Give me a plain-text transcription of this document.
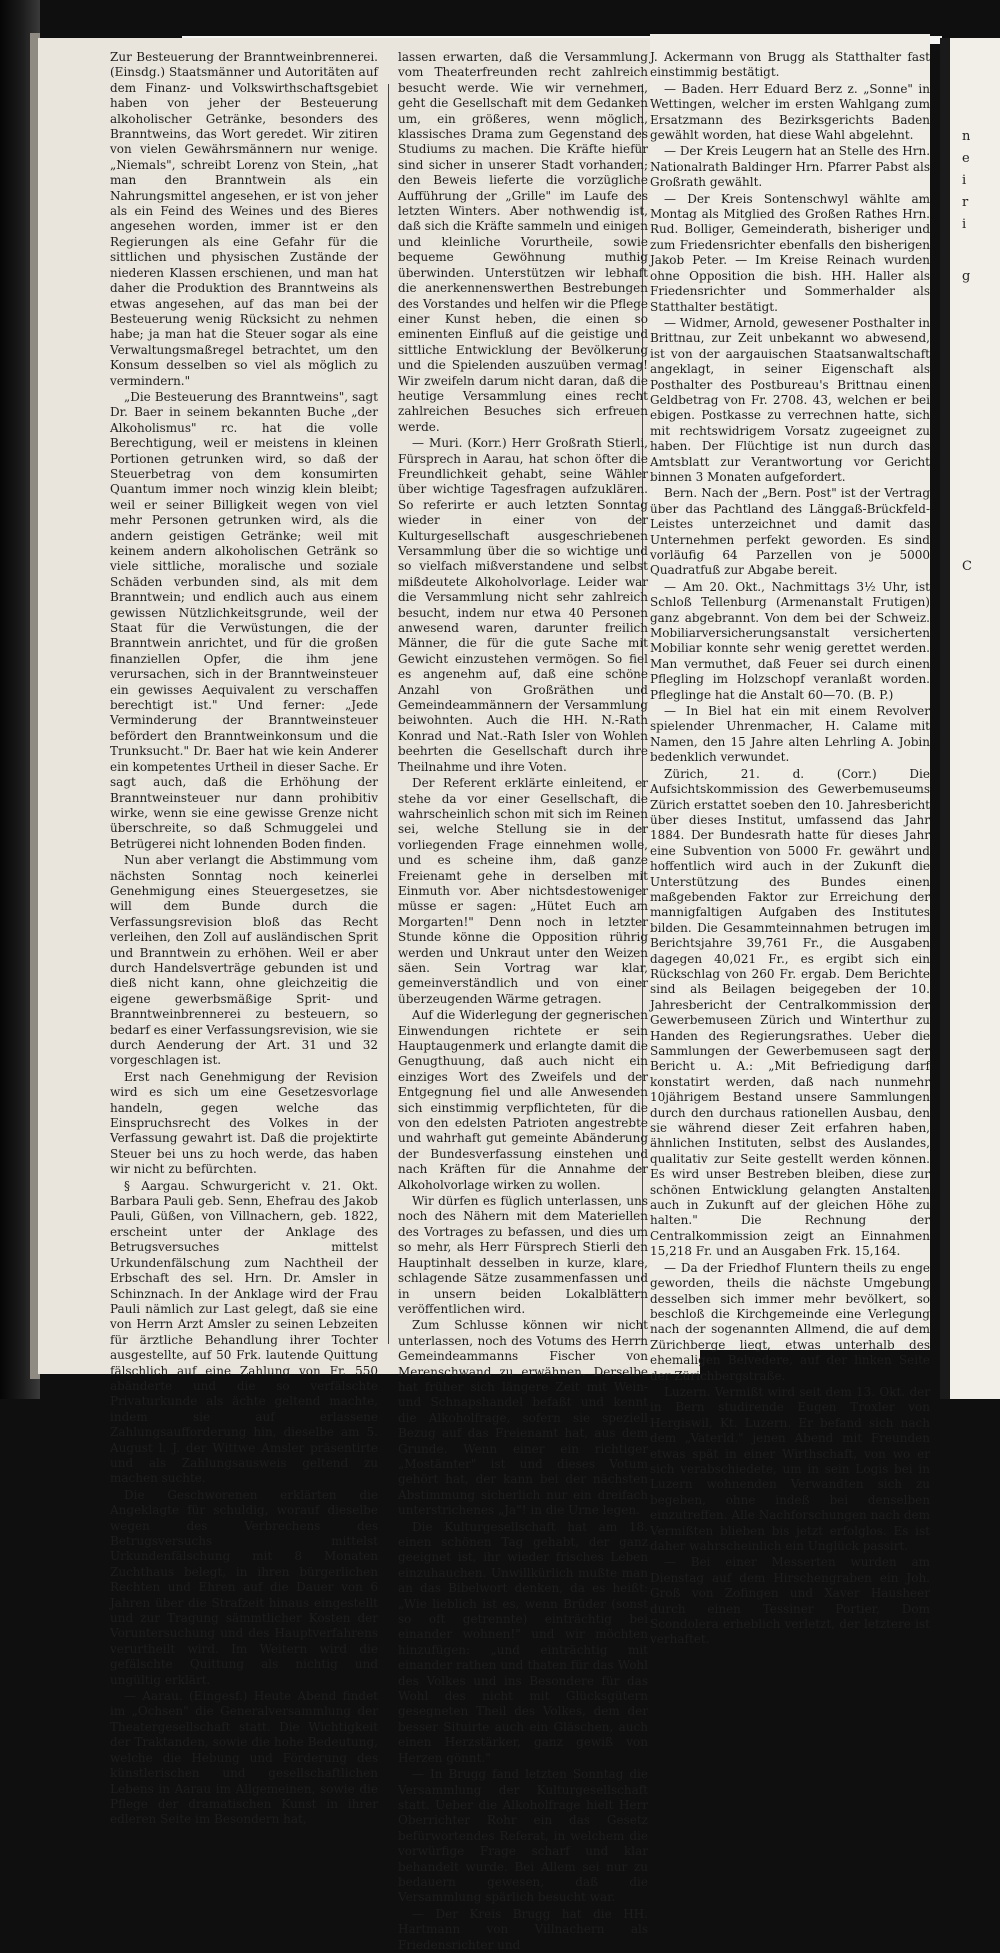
n
e
i
r
i
g
C

Zur Besteuerung der Branntweinbrennerei. (Einsdg.) Staatsmänner und Autoritäten auf dem Finanz- und Volkswirthschaftsgebiet haben von jeher der Besteuerung alkoholischer Getränke, besonders des Branntweins, das Wort geredet. Wir zitiren von vielen Gewährsmännern nur wenige. „Niemals", schreibt Lorenz von Stein, „hat man den Branntwein als ein Nahrungsmittel angesehen, er ist von jeher als ein Feind des Weines und des Bieres angesehen worden, immer ist er den Regierungen als eine Gefahr für die sittlichen und physischen Zustände der niederen Klassen erschienen, und man hat daher die Produktion des Branntweins als etwas angesehen, auf das man bei der Besteuerung wenig Rücksicht zu nehmen habe; ja man hat die Steuer sogar als eine Verwaltungsmaßregel betrachtet, um den Konsum desselben so viel als möglich zu vermindern."

„Die Besteuerung des Branntweins", sagt Dr. Baer in seinem bekannten Buche „der Alkoholismus" rc. hat die volle Berechtigung, weil er meistens in kleinen Portionen getrunken wird, so daß der Steuerbetrag von dem konsumirten Quantum immer noch winzig klein bleibt; weil er seiner Billigkeit wegen von viel mehr Personen getrunken wird, als die andern geistigen Getränke; weil mit keinem andern alkoholischen Getränk so viele sittliche, moralische und soziale Schäden verbunden sind, als mit dem Branntwein; und endlich auch aus einem gewissen Nützlichkeitsgrunde, weil der Staat für die Verwüstungen, die der Branntwein anrichtet, und für die großen finanziellen Opfer, die ihm jene verursachen, sich in der Branntweinsteuer ein gewisses Aequivalent zu verschaffen berechtigt ist." Und ferner: „Jede Verminderung der Branntweinsteuer befördert den Branntweinkonsum und die Trunksucht." Dr. Baer hat wie kein Anderer ein kompetentes Urtheil in dieser Sache. Er sagt auch, daß die Erhöhung der Branntweinsteuer nur dann prohibitiv wirke, wenn sie eine gewisse Grenze nicht überschreite, so daß Schmuggelei und Betrügerei nicht lohnenden Boden finden.

Nun aber verlangt die Abstimmung vom nächsten Sonntag noch keinerlei Genehmigung eines Steuergesetzes, sie will dem Bunde durch die Verfassungsrevision bloß das Recht verleihen, den Zoll auf ausländischen Sprit und Branntwein zu erhöhen. Weil er aber durch Handelsverträge gebunden ist und dieß nicht kann, ohne gleichzeitig die eigene gewerbsmäßige Sprit- und Branntweinbrennerei zu besteuern, so bedarf es einer Verfassungsrevision, wie sie durch Aenderung der Art. 31 und 32 vorgeschlagen ist.

Erst nach Genehmigung der Revision wird es sich um eine Gesetzesvorlage handeln, gegen welche das Einspruchsrecht des Volkes in der Verfassung gewahrt ist. Daß die projektirte Steuer bei uns zu hoch werde, das haben wir nicht zu befürchten.

§ Aargau. Schwurgericht v. 21. Okt. Barbara Pauli geb. Senn, Ehefrau des Jakob Pauli, Güßen, von Villnachern, geb. 1822, erscheint unter der Anklage des Betrugsversuches mittelst Urkundenfälschung zum Nachtheil der Erbschaft des sel. Hrn. Dr. Amsler in Schinznach. In der Anklage wird der Frau Pauli nämlich zur Last gelegt, daß sie eine von Herrn Arzt Amsler zu seinen Lebzeiten für ärztliche Behandlung ihrer Tochter ausgestellte, auf 50 Frk. lautende Quittung fälschlich auf eine Zahlung von Fr. 550 abänderte und die so verfälschte Privaturkunde als ächte geltend machte, indem sie auf erlassene Zahlungsaufforderung hin, dieselbe am 5. August l. J. der Wittwe Amsler präsentirte und als Zahlungsausweis geltend zu machen suchte.

Die Geschworenen erklärten die Angeklagte für schuldig, worauf dieselbe wegen des Verbrechens des Betrugsversuchs mittelst Urkundenfälschung mit 8 Monaten Zuchthaus belegt, in ihren bürgerlichen Rechten und Ehren auf die Dauer von 6 Jahren über die Strafzeit hinaus eingestellt und zur Tragung sämmtlicher Kosten der Voruntersuchung und des Hauptverfahrens verurtheilt wird. Im Weitern wird die gefälschte Quittung als nichtig und ungültig erklärt.

— Aarau. (Eingesf.) Heute Abend findet im „Ochsen" die Generalversammlung der Theatergesellschaft statt. Die Wichtigkeit der Traktanden, sowie die hohe Bedeutung, welche die Hebung und Förderung des künstlerischen und gesellschaftlichen Lebens in Aarau im Allgemeinen, sowie die Pflege der dramatischen Kunst in ihrer edleren Seite im Besondern hat,

lassen erwarten, daß die Versammlung vom Theaterfreunden recht zahlreich besucht werde. Wie wir vernehmen, geht die Gesellschaft mit dem Gedanken um, ein größeres, wenn möglich, klassisches Drama zum Gegenstand des Studiums zu machen. Die Kräfte hiefür sind sicher in unserer Stadt vorhanden; den Beweis lieferte die vorzügliche Aufführung der „Grille" im Laufe des letzten Winters. Aber nothwendig ist, daß sich die Kräfte sammeln und einigen und kleinliche Vorurtheile, sowie bequeme Gewöhnung muthig überwinden. Unterstützen wir lebhaft die anerkennenswerthen Bestrebungen des Vorstandes und helfen wir die Pflege einer Kunst heben, die einen so eminenten Einfluß auf die geistige und sittliche Entwicklung der Bevölkerung und die Spielenden auszuüben vermag! Wir zweifeln darum nicht daran, daß die heutige Versammlung eines recht zahlreichen Besuches sich erfreuen werde.

— Muri. (Korr.) Herr Großrath Stierli, Fürsprech in Aarau, hat schon öfter die Freundlichkeit gehabt, seine Wähler über wichtige Tagesfragen aufzuklären. So referirte er auch letzten Sonntag wieder in einer von der Kulturgesellschaft ausgeschriebenen Versammlung über die so wichtige und so vielfach mißverstandene und selbst mißdeutete Alkoholvorlage. Leider war die Versammlung nicht sehr zahlreich besucht, indem nur etwa 40 Personen anwesend waren, darunter freilich Männer, die für die gute Sache mit Gewicht einzustehen vermögen. So fiel es angenehm auf, daß eine schöne Anzahl von Großräthen und Gemeindeammännern der Versammlung beiwohnten. Auch die HH. N.-Rath Konrad und Nat.-Rath Isler von Wohlen beehrten die Gesellschaft durch ihre Theilnahme und ihre Voten.

Der Referent erklärte einleitend, er stehe da vor einer Gesellschaft, die wahrscheinlich schon mit sich im Reinen sei, welche Stellung sie in der vorliegenden Frage einnehmen wolle, und es scheine ihm, daß ganze Freienamt gehe in derselben mit Einmuth vor. Aber nichtsdestoweniger müsse er sagen: „Hütet Euch am Morgarten!" Denn noch in letzter Stunde könne die Opposition rührig werden und Unkraut unter den Weizen säen. Sein Vortrag war klar, gemeinverständlich und von einer überzeugenden Wärme getragen.

Auf die Widerlegung der gegnerischen Einwendungen richtete er sein Hauptaugenmerk und erlangte damit die Genugthuung, daß auch nicht ein einziges Wort des Zweifels und der Entgegnung fiel und alle Anwesenden sich einstimmig verpflichteten, für die von den edelsten Patrioten angestrebte und wahrhaft gut gemeinte Abänderung der Bundesverfassung einstehen und nach Kräften für die Annahme der Alkoholvorlage wirken zu wollen.

Wir dürfen es füglich unterlassen, uns noch des Nähern mit dem Materiellen des Vortrages zu befassen, und dies um so mehr, als Herr Fürsprech Stierli den Hauptinhalt desselben in kurze, klare, schlagende Sätze zusammenfassen und in unsern beiden Lokalblättern veröffentlichen wird.

Zum Schlusse können wir nicht unterlassen, noch des Votums des Herrn Gemeindeammanns Fischer von Merenschwand zu erwähnen. Derselbe hat früher sich längere Zeit mit Wein- und Schnapshandel befaßt und kennt die Alkoholfrage, sofern sie speziell Bezug auf das Freienamt hat, aus dem Grunde. Wenn einer ein richtiger „Mostämter" ist und dieses Votum gehört hat, der kann bei der nächsten Abstimmung sicherlich nur ein dreifach unterstrichenes „Ja"! in die Urne legen.

Die Kulturgesellschaft hat am 18. einen schönen Tag gehabt, der ganz geeignet ist, ihr wieder frisches Leben einzuhauchen. Unwillkürlich mußte man an das Bibelwort denken, da es heißt: „Wie lieblich ist es, wenn Brüder (sonst so oft getrennte) einträchtig bei einander wohnen!" und wir möchten hinzufügen: „und einträchtig mit einander rathen und thaten für das Wohl des Volkes und ins Besondere für das Wohl des nicht mit Glücksgütern gesegneten Theil des Volkes, dem der besser Situirte auch ein Gläschen, auch einen Herzstärker, ganz gewiß von Herzen gönnt."

— In Brugg fand letzten Sonntag die Versammlung der Kulturgesellschaft statt. Ueber die Alkoholfrage hielt Herr Oberrichter Rohr ein das Gesetz befürwortendes Referat, in welchem die vorwürfige Frage scharf und klar behandelt wurde. Bei Allem sei nur zu bedauern gewesen, daß die Versammlung spärlich besucht war.

— Der Kreis Brugg hat die HH. Hartmann von Villnachern als Friedensrichter und

J. Ackermann von Brugg als Statthalter fast einstimmig bestätigt.

— Baden. Herr Eduard Berz z. „Sonne" in Wettingen, welcher im ersten Wahlgang zum Ersatzmann des Bezirksgerichts Baden gewählt worden, hat diese Wahl abgelehnt.

— Der Kreis Leugern hat an Stelle des Hrn. Nationalrath Baldinger Hrn. Pfarrer Pabst als Großrath gewählt.

— Der Kreis Sontenschwyl wählte am Montag als Mitglied des Großen Rathes Hrn. Rud. Bolliger, Gemeinderath, bisheriger und zum Friedensrichter ebenfalls den bisherigen Jakob Peter. — Im Kreise Reinach wurden ohne Opposition die bish. HH. Haller als Friedensrichter und Sommerhalder als Statthalter bestätigt.

— Widmer, Arnold, gewesener Posthalter in Brittnau, zur Zeit unbekannt wo abwesend, ist von der aargauischen Staatsanwaltschaft angeklagt, in seiner Eigenschaft als Posthalter des Postbureau's Brittnau einen Geldbetrag von Fr. 2708. 43, welchen er bei ebigen. Postkasse zu verrechnen hatte, sich mit rechtswidrigem Vorsatz zugeeignet zu haben. Der Flüchtige ist nun durch das Amtsblatt zur Verantwortung vor Gericht binnen 3 Monaten aufgefordert.

Bern. Nach der „Bern. Post" ist der Vertrag über das Pachtland des Länggaß-Brückfeld-Leistes unterzeichnet und damit das Unternehmen perfekt geworden. Es sind vorläufig 64 Parzellen von je 5000 Quadratfuß zur Abgabe bereit.

— Am 20. Okt., Nachmittags 3½ Uhr, ist Schloß Tellenburg (Armenanstalt Frutigen) ganz abgebrannt. Von dem bei der Schweiz. Mobiliarversicherungsanstalt versicherten Mobiliar konnte sehr wenig gerettet werden. Man vermuthet, daß Feuer sei durch einen Pflegling im Holzschopf veranlaßt worden. Pfleglinge hat die Anstalt 60—70. (B. P.)

— In Biel hat ein mit einem Revolver spielender Uhrenmacher, H. Calame mit Namen, den 15 Jahre alten Lehrling A. Jobin bedenklich verwundet.

Zürich, 21. d. (Corr.) Die Aufsichtskommission des Gewerbemuseums Zürich erstattet soeben den 10. Jahresbericht über dieses Institut, umfassend das Jahr 1884. Der Bundesrath hatte für dieses Jahr eine Subvention von 5000 Fr. gewährt und hoffentlich wird auch in der Zukunft die Unterstützung des Bundes einen maßgebenden Faktor zur Erreichung der mannigfaltigen Aufgaben des Institutes bilden. Die Gesammteinnahmen betrugen im Berichtsjahre 39,761 Fr., die Ausgaben dagegen 40,021 Fr., es ergibt sich ein Rückschlag von 260 Fr. ergab. Dem Berichte sind als Beilagen beigegeben der 10. Jahresbericht der Centralkommission der Gewerbemuseen Zürich und Winterthur zu Handen des Regierungsrathes. Ueber die Sammlungen der Gewerbemuseen sagt der Bericht u. A.: „Mit Befriedigung darf konstatirt werden, daß nach nunmehr 10jährigem Bestand unsere Sammlungen durch den durchaus rationellen Ausbau, den sie während dieser Zeit erfahren haben, ähnlichen Instituten, selbst des Auslandes, qualitativ zur Seite gestellt werden können. Es wird unser Bestreben bleiben, diese zur schönen Entwicklung gelangten Anstalten auch in Zukunft auf der gleichen Höhe zu halten." Die Rechnung der Centralkommission zeigt an Einnahmen 15,218 Fr. und an Ausgaben Frk. 15,164.

— Da der Friedhof Fluntern theils zu enge geworden, theils die nächste Umgebung desselben sich immer mehr bevölkert, so beschloß die Kirchgemeinde eine Verlegung nach der sogenannten Allmend, die auf dem Zürichberge liegt, etwas unterhalb des ehemaligen Belvedere, auf der linken Seite der Zürichbergstraße.

Luzern. Vermißt wird seit dem 13. Okt. der in Bern studirende Eugen Troxler von Hergiswil, Kt. Luzern. Er befand sich nach dem „Vaterld." jenen Abend mit Freunden etwas spät in einer Wirthschaft, von wo er sich verabschiedete, um in sein Logis bei in Luzern wohnenden Verwandten sich zu begeben, ohne indeß bei denselben einzutreffen. Alle Nachforschungen nach dem Vermißten blieben bis jetzt erfolglos. Es ist daher wahrscheinlich ein Unglück passirt.

— Bei einer Messerten wurden am Dienstag auf dem Hirschengraben ein Joh. Groß von Zofingen und Xaver Haushеer durch einen Tessiner Portier, Dom Scondolera erheblich verletzt, der letztere ist verhaftet.
